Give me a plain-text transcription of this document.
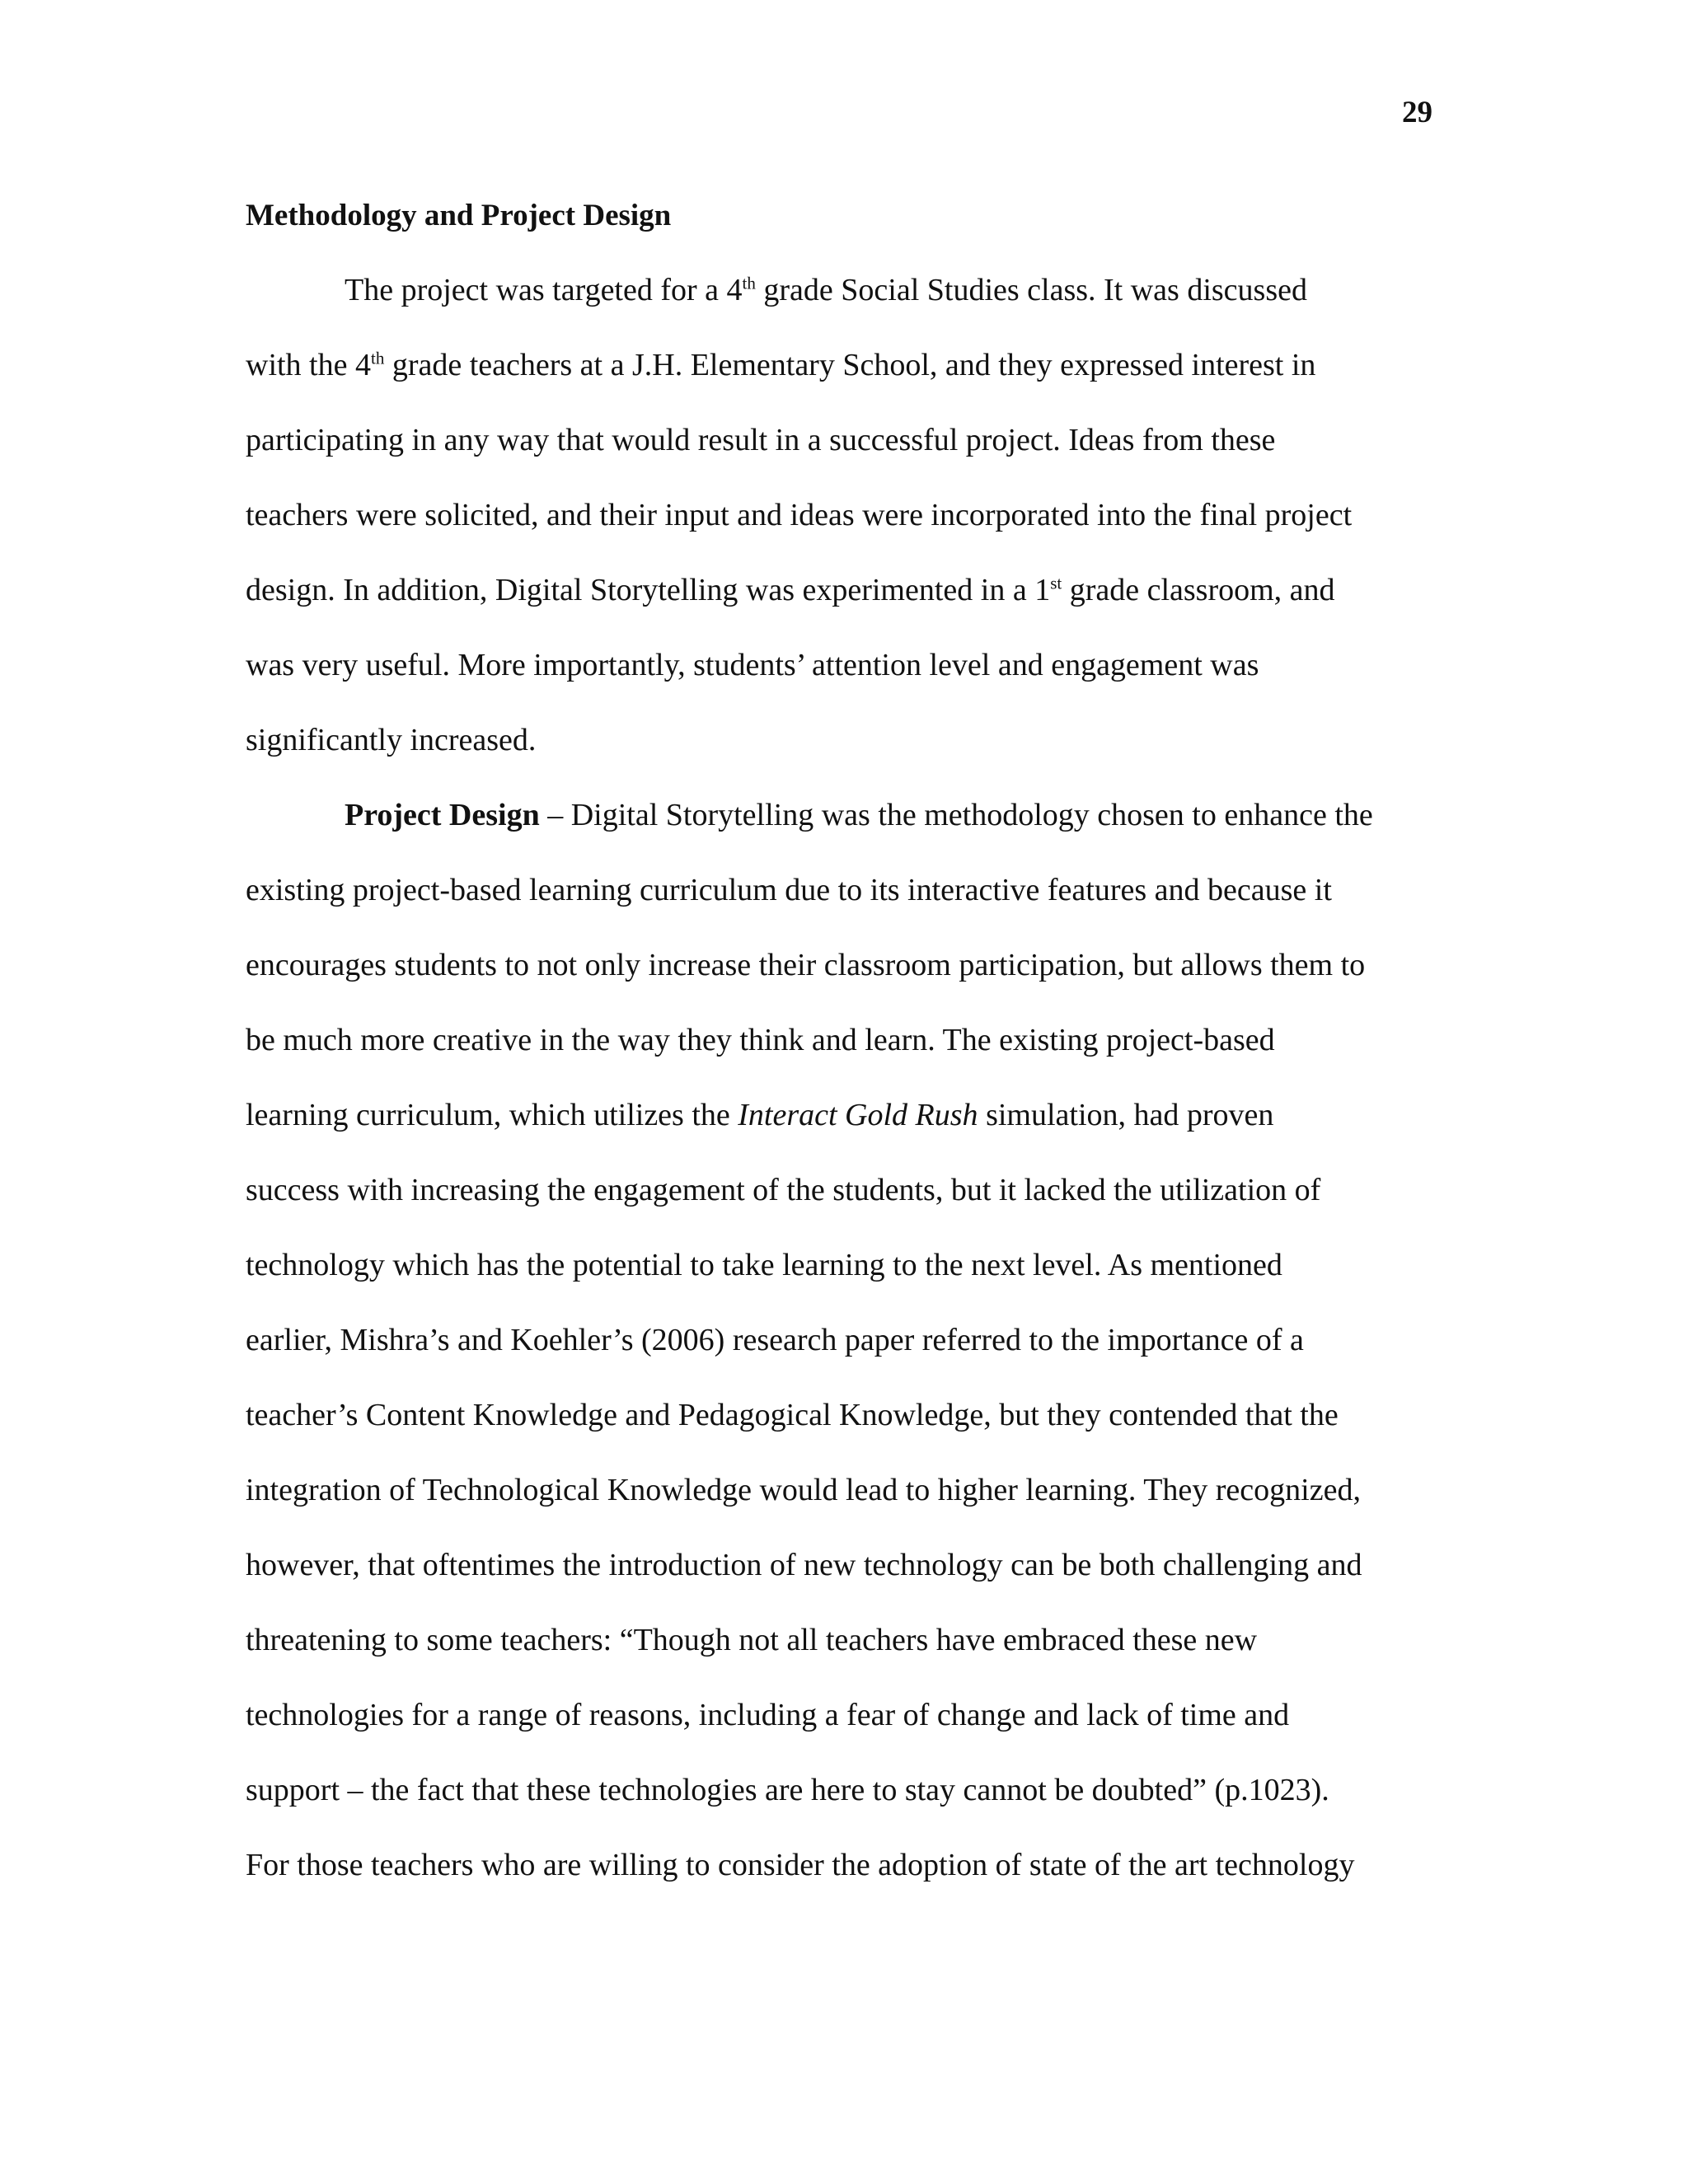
29
Methodology and Project Design
The project was targeted for a 4th grade Social Studies class. It was discussed
with the 4th grade teachers at a J.H. Elementary School, and they expressed interest in
participating in any way that would result in a successful project. Ideas from these
teachers were solicited, and their input and ideas were incorporated into the final project
design. In addition, Digital Storytelling was experimented in a 1st grade classroom, and
was very useful. More importantly, students’ attention level and engagement was
significantly increased.
Project Design – Digital Storytelling was the methodology chosen to enhance the
existing project-based learning curriculum due to its interactive features and because it
encourages students to not only increase their classroom participation, but allows them to
be much more creative in the way they think and learn. The existing project-based
learning curriculum, which utilizes the Interact Gold Rush simulation, had proven
success with increasing the engagement of the students, but it lacked the utilization of
technology which has the potential to take learning to the next level. As mentioned
earlier, Mishra’s and Koehler’s (2006) research paper referred to the importance of a
teacher’s Content Knowledge and Pedagogical Knowledge, but they contended that the
integration of Technological Knowledge would lead to higher learning. They recognized,
however, that oftentimes the introduction of new technology can be both challenging and
threatening to some teachers: “Though not all teachers have embraced these new
technologies for a range of reasons, including a fear of change and lack of time and
support – the fact that these technologies are here to stay cannot be doubted” (p.1023).
For those teachers who are willing to consider the adoption of state of the art technology
